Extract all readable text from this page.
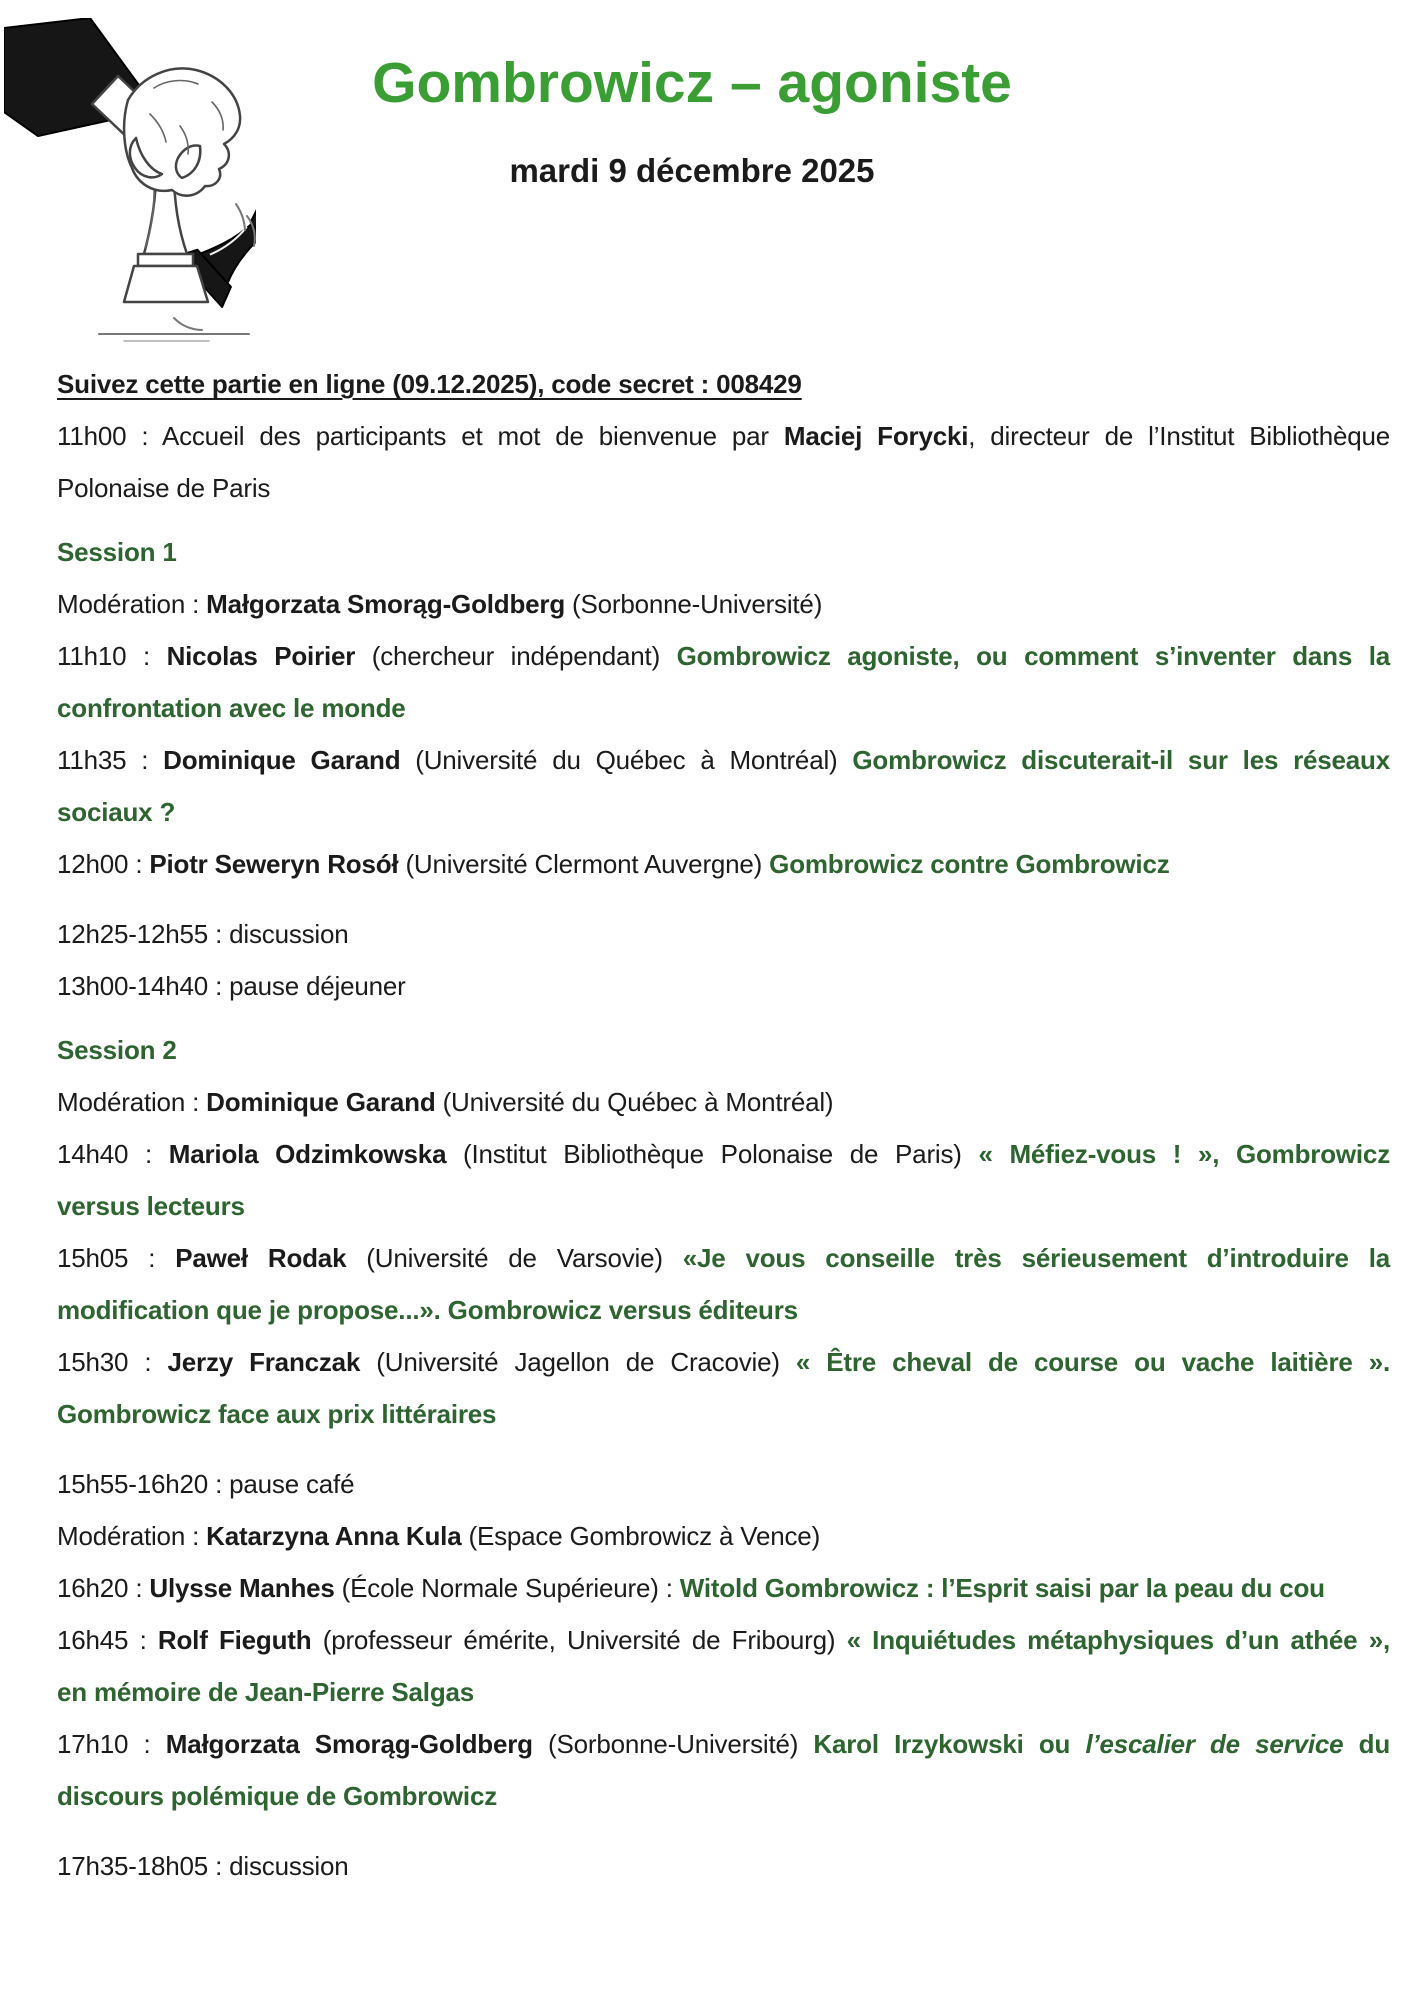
Gombrowicz – agoniste

mardi 9 décembre 2025

Suivez cette partie en ligne (09.12.2025), code secret : 008429

11h00 : Accueil des participants et mot de bienvenue par Maciej Forycki, directeur de l’Institut Bibliothèque
Polonaise de Paris

Session 1

Modération : Małgorzata Smorąg-Goldberg (Sorbonne-Université)

11h10 : Nicolas Poirier (chercheur indépendant) Gombrowicz agoniste, ou comment s’inventer dans la
confrontation avec le monde

11h35 : Dominique Garand (Université du Québec à Montréal) Gombrowicz discuterait-il sur les réseaux
sociaux ?

12h00 : Piotr Seweryn Rosół (Université Clermont Auvergne) Gombrowicz contre Gombrowicz

12h25-12h55 : discussion

13h00-14h40 : pause déjeuner

Session 2

Modération : Dominique Garand (Université du Québec à Montréal)

14h40 : Mariola Odzimkowska (Institut Bibliothèque Polonaise de Paris) « Méfiez-vous ! », Gombrowicz
versus lecteurs

15h05 : Paweł Rodak (Université de Varsovie) «Je vous conseille très sérieusement d’introduire la
modification que je propose...». Gombrowicz versus éditeurs

15h30 : Jerzy Franczak (Université Jagellon de Cracovie) « Être cheval de course ou vache laitière ».
Gombrowicz face aux prix littéraires

15h55-16h20 : pause café

Modération : Katarzyna Anna Kula (Espace Gombrowicz à Vence)

16h20 : Ulysse Manhes (École Normale Supérieure) : Witold Gombrowicz : l’Esprit saisi par la peau du cou

16h45 : Rolf Fieguth (professeur émérite, Université de Fribourg) « Inquiétudes métaphysiques d’un athée »,
en mémoire de Jean-Pierre Salgas

17h10 : Małgorzata Smorąg-Goldberg (Sorbonne-Université) Karol Irzykowski ou l’escalier de service du
discours polémique de Gombrowicz

17h35-18h05 : discussion
